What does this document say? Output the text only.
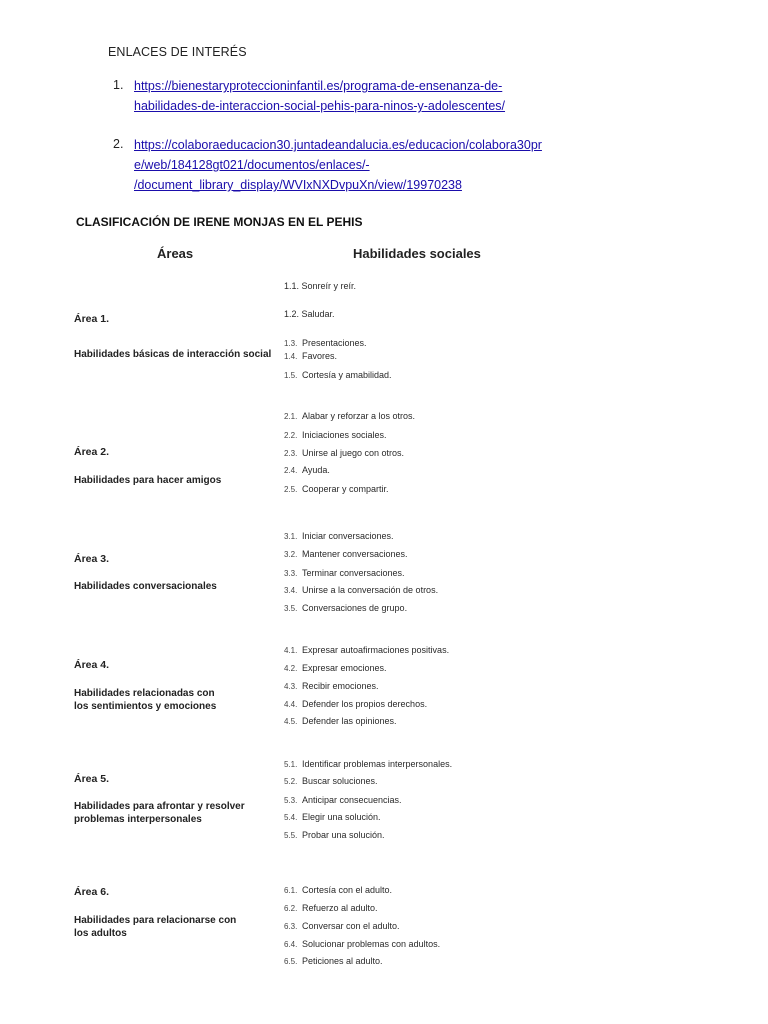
ENLACES DE INTERÉS
1. https://bienestaryproteccioninfantil.es/programa-de-ensenanza-de-
habilidades-de-interaccion-social-pehis-para-ninos-y-adolescentes/
2. https://colaboraeducacion30.juntadeandalucia.es/educacion/colabora30pr
e/web/184128gt021/documentos/enlaces/-
/document_library_display/WVIxNXDvpuXn/view/19970238
CLASIFICACIÓN DE IRENE MONJAS EN EL PEHIS
Áreas	Habilidades sociales
Área 1.
Habilidades básicas de interacción social
1.1. Sonreír y reír.
1.2. Saludar.
1.3. Presentaciones.
1.4. Favores.
1.5. Cortesía y amabilidad.
Área 2.
Habilidades para hacer amigos
2.1. Alabar y reforzar a los otros.
2.2. Iniciaciones sociales.
2.3. Unirse al juego con otros.
2.4. Ayuda.
2.5. Cooperar y compartir.
Área 3.
Habilidades conversacionales
3.1. Iniciar conversaciones.
3.2. Mantener conversaciones.
3.3. Terminar conversaciones.
3.4. Unirse a la conversación de otros.
3.5. Conversaciones de grupo.
Área 4.
Habilidades relacionadas con
los sentimientos y emociones
4.1. Expresar autoafirmaciones positivas.
4.2. Expresar emociones.
4.3. Recibir emociones.
4.4. Defender los propios derechos.
4.5. Defender las opiniones.
Área 5.
Habilidades para afrontar y resolver
problemas interpersonales
5.1. Identificar problemas interpersonales.
5.2. Buscar soluciones.
5.3. Anticipar consecuencias.
5.4. Elegir una solución.
5.5. Probar una solución.
Área 6.
Habilidades para relacionarse con
los adultos
6.1. Cortesía con el adulto.
6.2. Refuerzo al adulto.
6.3. Conversar con el adulto.
6.4. Solucionar problemas con adultos.
6.5. Peticiones al adulto.
